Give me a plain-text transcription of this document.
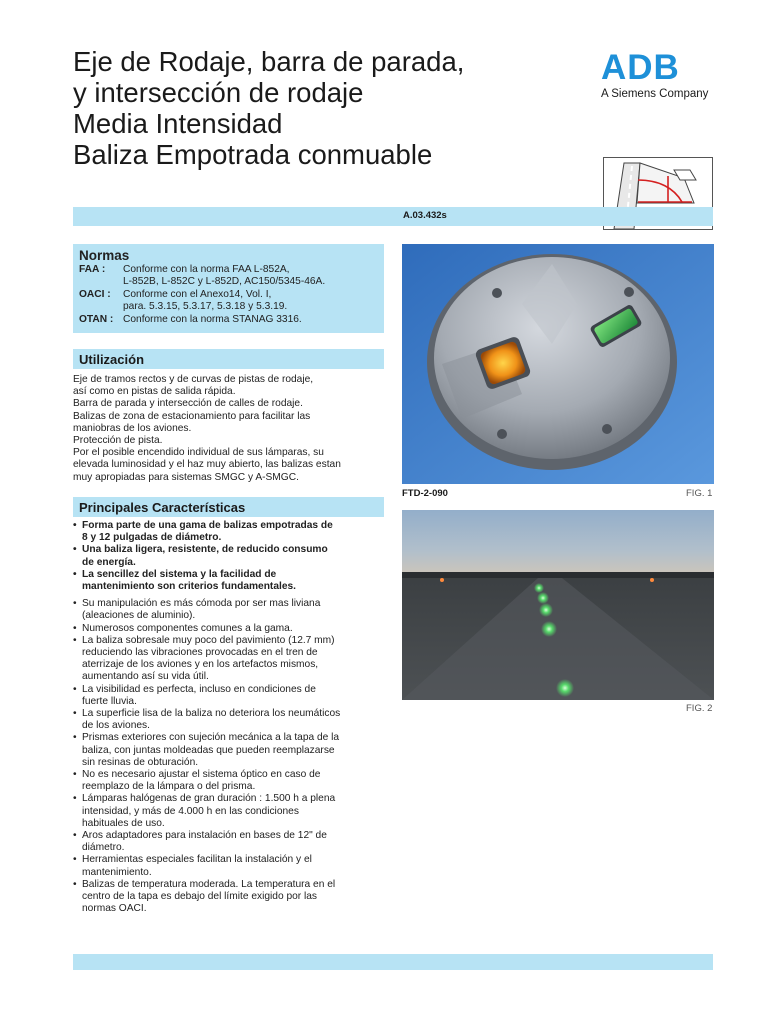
Eje de Rodaje, barra de parada,
y intersección de rodaje
Media Intensidad
Baliza Empotrada conmuable
ADB
A Siemens Company
A.03.432s
Normas
FAA :	Conforme con la norma FAA L-852A,
L-852B, L-852C y L-852D, AC150/5345-46A.
OACI :	Conforme con el Anexo14, Vol. I,
para. 5.3.15, 5.3.17, 5.3.18 y 5.3.19.
OTAN : Conforme con la norma STANAG 3316.
Utilización
Eje de tramos rectos y de curvas de pistas de rodaje,
así como en pistas de salida rápida.
Barra de parada y intersección de calles de rodaje.
Balizas de zona de estacionamiento para facilitar las
maniobras de los aviones.
Protección de pista.
Por el posible encendido individual de sus lámparas, su
elevada luminosidad y el haz muy abierto, las balizas estan
muy apropiadas para sistemas SMGC y A-SMGC.
Principales Características
• Forma parte de una gama de balizas empotradas de
8 y 12 pulgadas de diámetro.
• Una baliza ligera, resistente, de reducido consumo
de energía.
• La sencillez del sistema y la facilidad de
mantenimiento son criterios fundamentales.
• Su manipulación es más cómoda por ser mas liviana
(aleaciones de aluminio).
• Numerosos componentes comunes a la gama.
• La baliza sobresale muy poco del pavimiento (12.7 mm)
reduciendo las vibraciones provocadas en el tren de
aterrizaje de los aviones y en los artefactos mismos,
aumentando así su vida útil.
• La visibilidad es perfecta, incluso en condiciones de
fuerte lluvia.
• La superficie lisa de la baliza no deteriora los neumáticos
de los aviones.
• Prismas exteriores con sujeción mecánica a la tapa de la
baliza, con juntas moldeadas que pueden reemplazarse
sin resinas de obturación.
• No es necesario ajustar el sistema óptico en caso de
reemplazo de la lámpara o del prisma.
• Lámparas halógenas de gran duración : 1.500 h a plena
intensidad, y más de 4.000 h en las condiciones
habituales de uso.
• Aros adaptadores para instalación en bases de 12" de
diámetro.
• Herramientas especiales facilitan la instalación y el
mantenimiento.
• Balizas de temperatura moderada. La temperatura en el
centro de la tapa es debajo del límite exigido por las
normas OACI.
FTD-2-090	FIG. 1
FIG. 2
